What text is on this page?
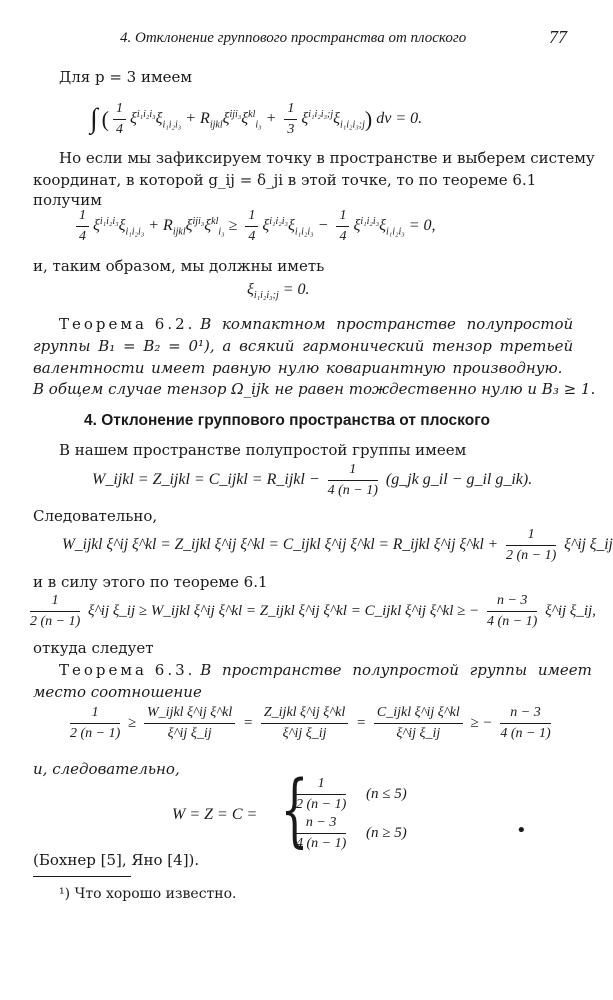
4. Отклонение группового пространства от плоского	77
Для p = 3 имеем
∫ ( $\frac{1}{4} \xi^{i_1i_2i_3}\xi_{i_1i_2i_3} + R_{ijkl}\xi^{iji_3}\xi^{kl}_{i_3} + \frac{1}{3} \xi^{i_1i_2i_3;j}\xi_{i_1i_2i_3;j}$) dv = 0.
Но если мы зафиксируем точку в пространстве и выберем систему
координат, в которой g_ij = δ_ji в этой точке, то по теореме 6.1
получим
$\frac{1}{4} \xi^{i_1i_2i_3}\xi_{i_1i_2i_3} + R_{ijkl}\xi^{iji_3}\xi^{kl}_{i_3} \ge \frac{1}{4} \xi^{i_1i_2i_3}\xi_{i_1i_2i_3} - \frac{1}{4} \xi^{i_1i_2i_3}\xi_{i_1i_2i_3} = 0$,
и, таким образом, мы должны иметь
$\xi_{i_1i_2i_3;j} = 0$.
Теорема 6.2. В компактном пространстве полупростой
группы B₁ = B₂ = 0¹), а всякий гармонический тензор третьей
валентности имеет равную нулю ковариантную производную.
В общем случае тензор Ω_ijk не равен тождественно нулю и B₃ ≥ 1.
4. Отклонение группового пространства от плоского
В нашем пространстве полупростой группы имеем
W_ijkl = Z_ijkl = C_ijkl = R_ijkl − $\frac{1}{4 (n - 1)}$ (g_jk g_il − g_il g_ik).
Следовательно,
W_ijkl ξ^ij ξ^kl = Z_ijkl ξ^ij ξ^kl = C_ijkl ξ^ij ξ^kl = R_ijkl ξ^ij ξ^kl + $\frac{1}{2 (n - 1)}$ ξ^ij ξ_ij
и в силу этого по теореме 6.1
$\frac{1}{2 (n - 1)}$ ξ^ij ξ_ij ≥ W_ijkl ξ^ij ξ^kl = Z_ijkl ξ^ij ξ^kl = C_ijkl ξ^ij ξ^kl ≥ − $\frac{n - 3}{4 (n - 1)}$ ξ^ij ξ_ij,
откуда следует
Теорема 6.3. В пространстве полупростой группы имеет
место соотношение
$\frac{1}{2 (n - 1)} \ge \frac{\text{W\_ijkl ξ\textasciicircum{}ij ξ\textasciicircum{}kl}}{\text{ξ\textasciicircum{}ij ξ\_ij}} = \frac{\text{Z\_ijkl ξ\textasciicircum{}ij ξ\textasciicircum{}kl}}{\text{ξ\textasciicircum{}ij ξ\_ij}} = \frac{\text{C\_ijkl ξ\textasciicircum{}ij ξ\textasciicircum{}kl}}{\text{ξ\textasciicircum{}ij ξ\_ij}}$ ≥ − $\frac{n - 3}{4 (n - 1)}$
и, следовательно,
W = Z = C = {
$\frac{1}{2 (n - 1)} (n \le 5)$
$\frac{n - 3}{4 (n - 1)} (n \ge 5)$	•
(Бохнер [5], Яно [4]).
¹) Что хорошо известно.
